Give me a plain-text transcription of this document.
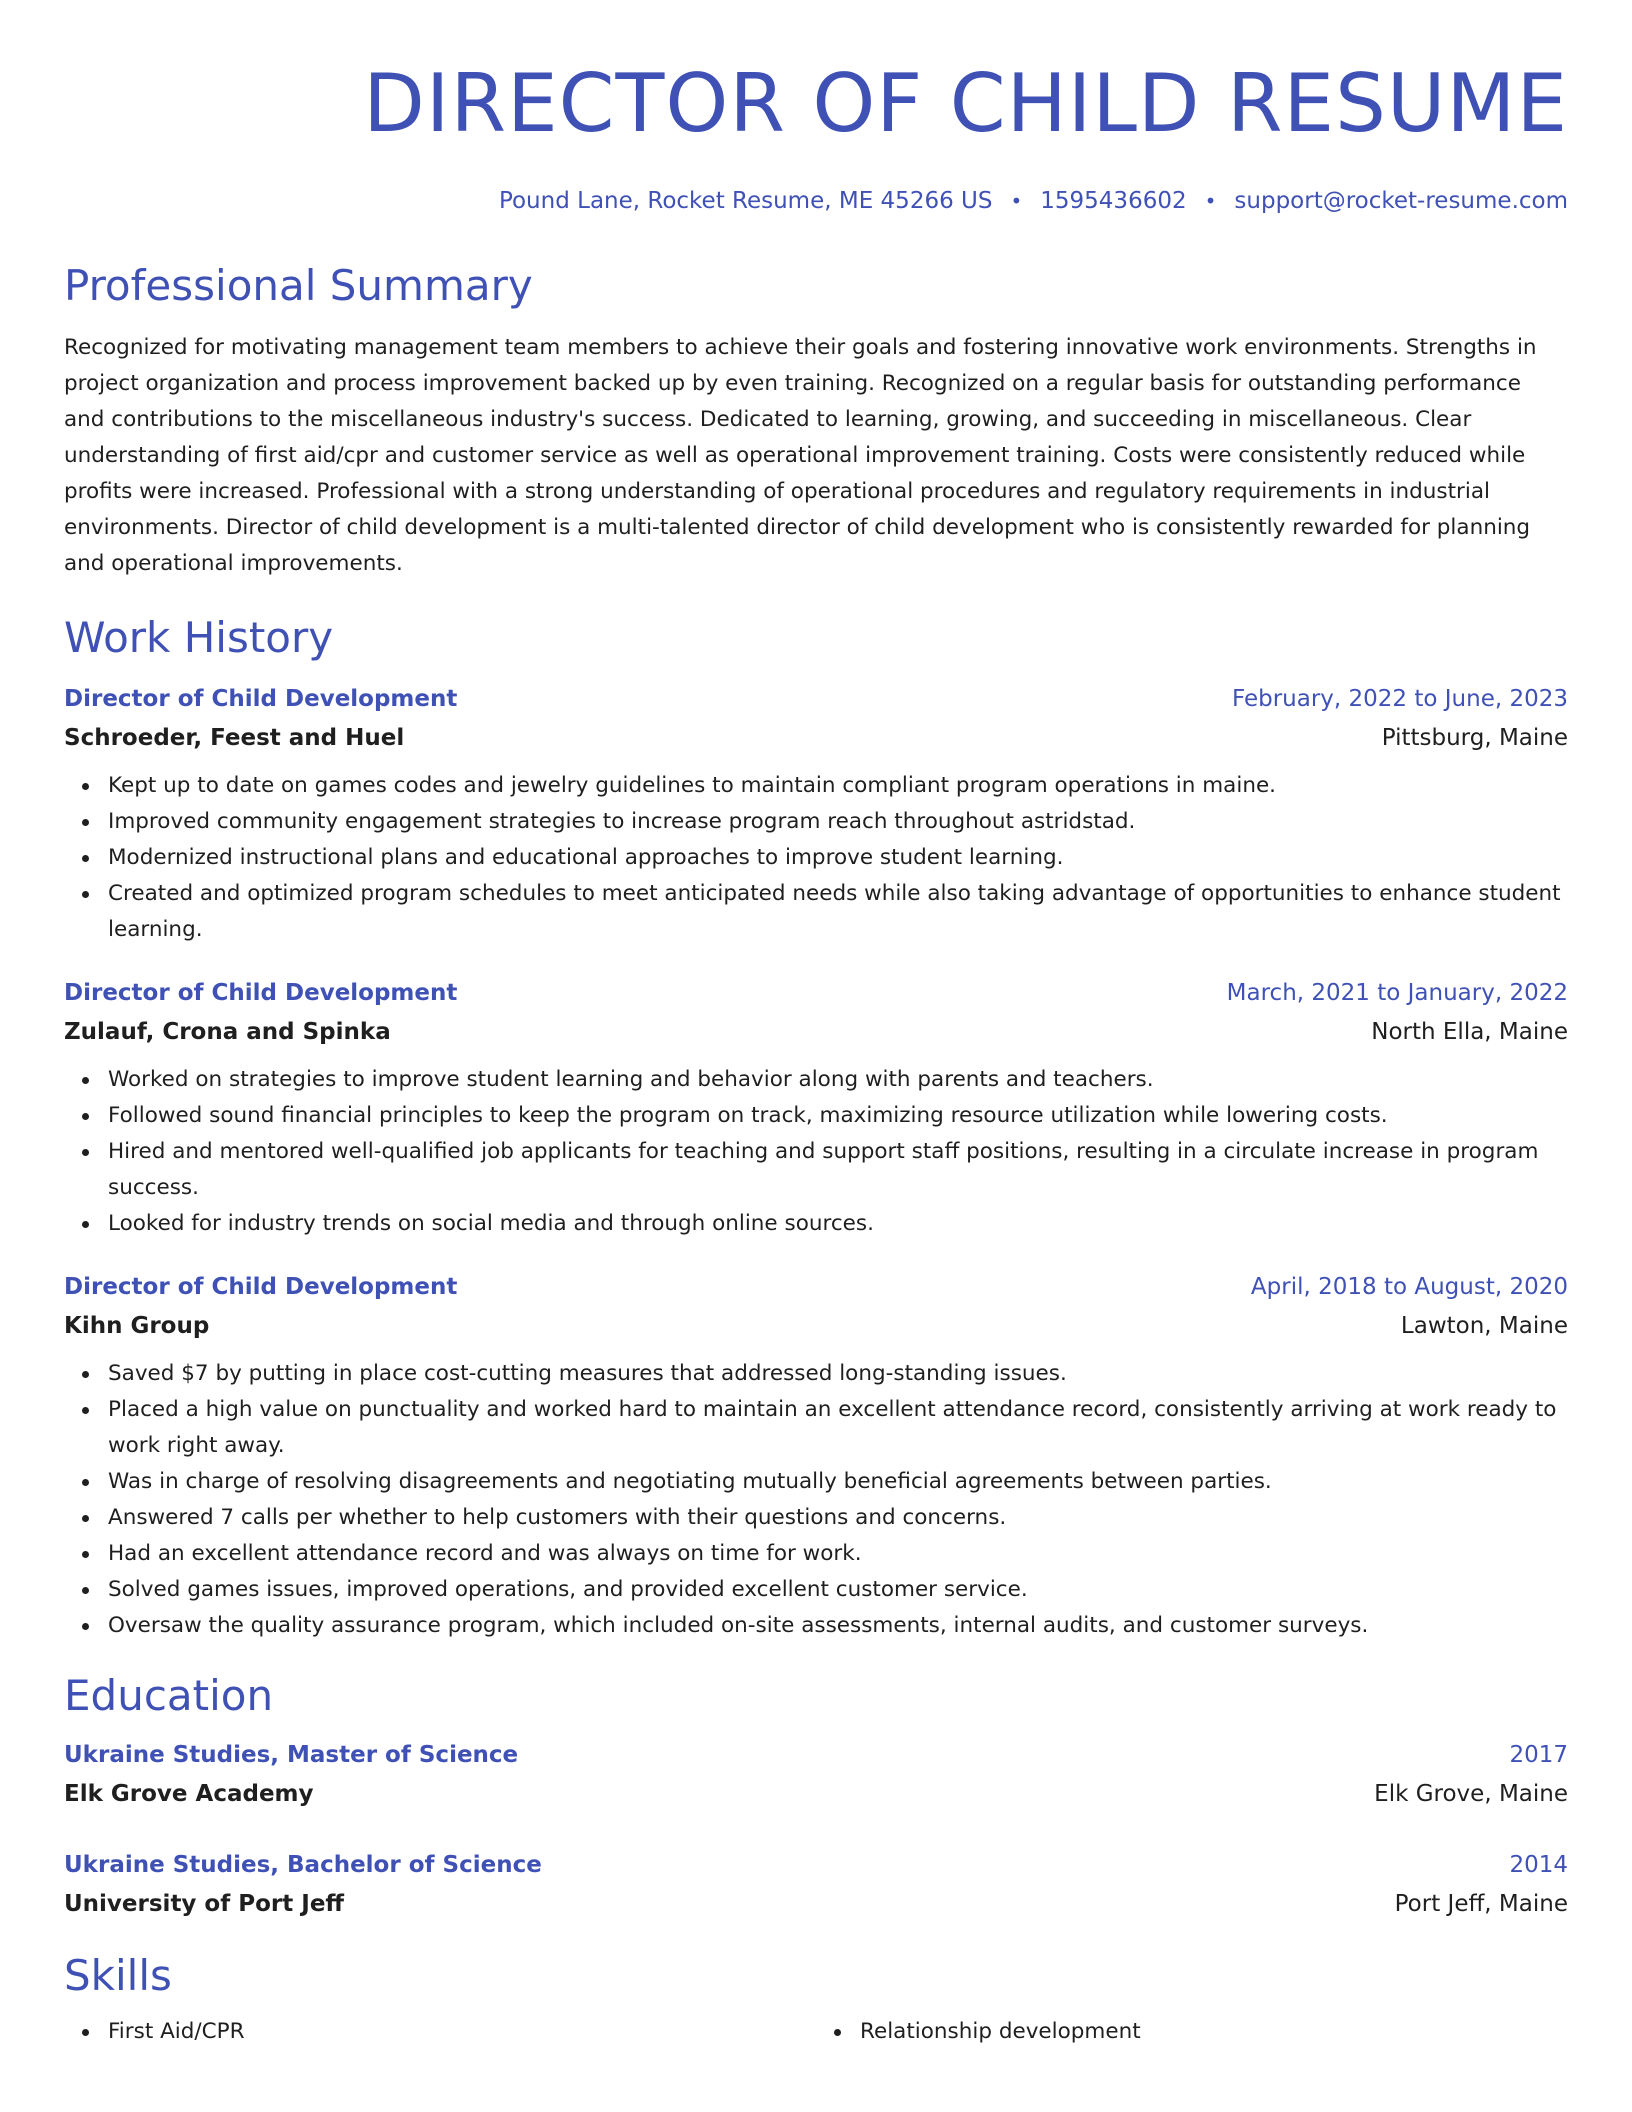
DIRECTOR OF CHILD RESUME
Pound Lane, Rocket Resume, ME 45266 US • 1595436602 • support@rocket-resume.com
Professional Summary

Recognized for motivating management team members to achieve their goals and fostering innovative work environments. Strengths in project organization and process improvement backed up by even training. Recognized on a regular basis for outstanding performance and contributions to the miscellaneous industry's success. Dedicated to learning, growing, and succeeding in miscellaneous. Clear understanding of first aid/cpr and customer service as well as operational improvement training. Costs were consistently reduced while profits were increased. Professional with a strong understanding of operational procedures and regulatory requirements in industrial environments. Director of child development is a multi-talented director of child development who is consistently rewarded for planning and operational improvements.

Work History
Director of Child Development	February, 2022 to June, 2023
Schroeder, Feest and Huel	Pittsburg, Maine
Kept up to date on games codes and jewelry guidelines to maintain compliant program operations in maine.
Improved community engagement strategies to increase program reach throughout astridstad.
Modernized instructional plans and educational approaches to improve student learning.
Created and optimized program schedules to meet anticipated needs while also taking advantage of opportunities to enhance student learning.
Director of Child Development	March, 2021 to January, 2022
Zulauf, Crona and Spinka	North Ella, Maine
Worked on strategies to improve student learning and behavior along with parents and teachers.
Followed sound financial principles to keep the program on track, maximizing resource utilization while lowering costs.
Hired and mentored well-qualified job applicants for teaching and support staff positions, resulting in a circulate increase in program success.
Looked for industry trends on social media and through online sources.
Director of Child Development	April, 2018 to August, 2020
Kihn Group	Lawton, Maine
Saved $7 by putting in place cost-cutting measures that addressed long-standing issues.
Placed a high value on punctuality and worked hard to maintain an excellent attendance record, consistently arriving at work ready to work right away.
Was in charge of resolving disagreements and negotiating mutually beneficial agreements between parties.
Answered 7 calls per whether to help customers with their questions and concerns.
Had an excellent attendance record and was always on time for work.
Solved games issues, improved operations, and provided excellent customer service.
Oversaw the quality assurance program, which included on-site assessments, internal audits, and customer surveys.
Education
Ukraine Studies, Master of Science	2017
Elk Grove Academy	Elk Grove, Maine
Ukraine Studies, Bachelor of Science	2014
University of Port Jeff	Port Jeff, Maine
Skills
First Aid/CPR	Relationship development
